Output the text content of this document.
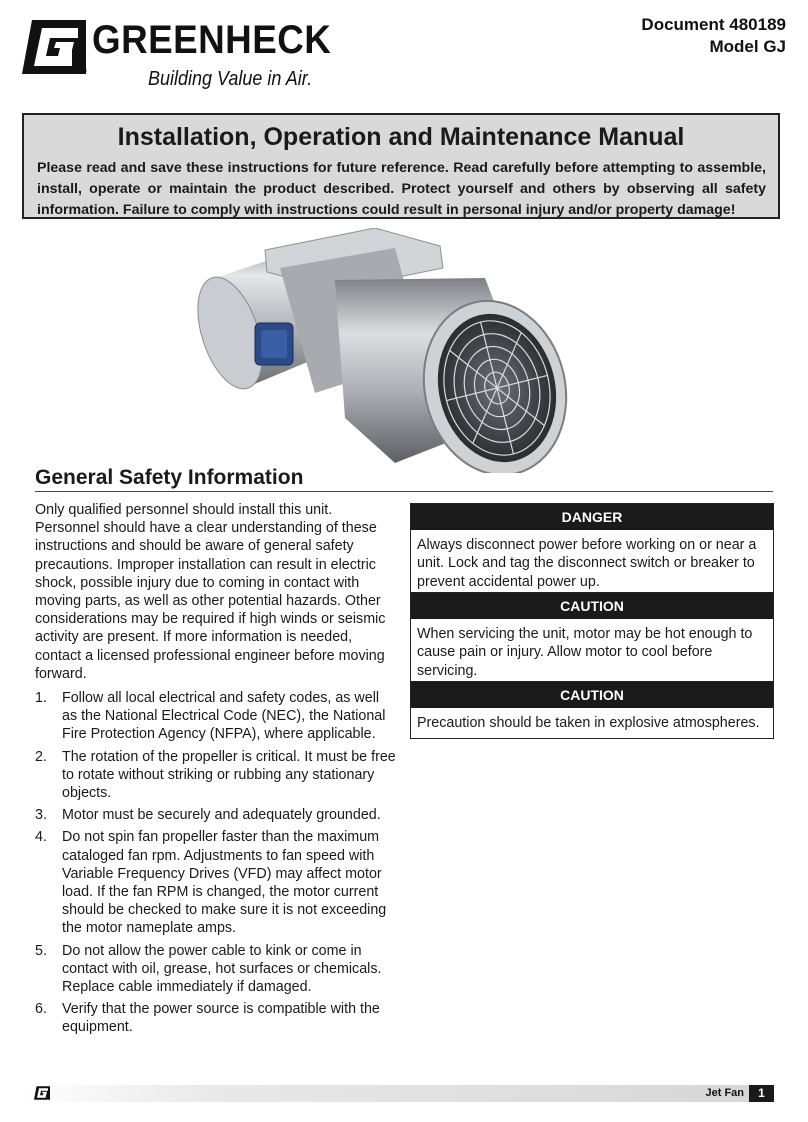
GREENHECK
®	Building Value in Air.
Document 480189
Model GJ
Installation, Operation and Maintenance Manual

Please read and save these instructions for future reference. Read carefully before attempting to assemble, install, operate or maintain the product described. Protect yourself and others by observing all safety information. Failure to comply with instructions could result in personal injury and/or property damage!

General Safety Information

Only qualified personnel should install this unit. Personnel should have a clear understanding of these instructions and should be aware of general safety precautions. Improper installation can result in electric shock, possible injury due to coming in contact with moving parts, as well as other potential hazards. Other considerations may be required if high winds or seismic activity are present. If more information is needed, contact a licensed professional engineer before moving forward.

1. Follow all local electrical and safety codes, as well as the National Electrical Code (NEC), the National Fire Protection Agency (NFPA), where applicable.
2. The rotation of the propeller is critical. It must be free to rotate without striking or rubbing any stationary objects.
3. Motor must be securely and adequately grounded.
4. Do not spin fan propeller faster than the maximum cataloged fan rpm. Adjustments to fan speed with Variable Frequency Drives (VFD) may affect motor load. If the fan RPM is changed, the motor current should be checked to make sure it is not exceeding the motor nameplate amps.
5. Do not allow the power cable to kink or come in contact with oil, grease, hot surfaces or chemicals. Replace cable immediately if damaged.
6. Verify that the power source is compatible with the equipment.
DANGER
Always disconnect power before working on or near a unit. Lock and tag the disconnect switch or breaker to prevent accidental power up.
CAUTION
When servicing the unit, motor may be hot enough to cause pain or injury. Allow motor to cool before servicing.
CAUTION
Precaution should be taken in explosive atmospheres.
Jet Fan	1
